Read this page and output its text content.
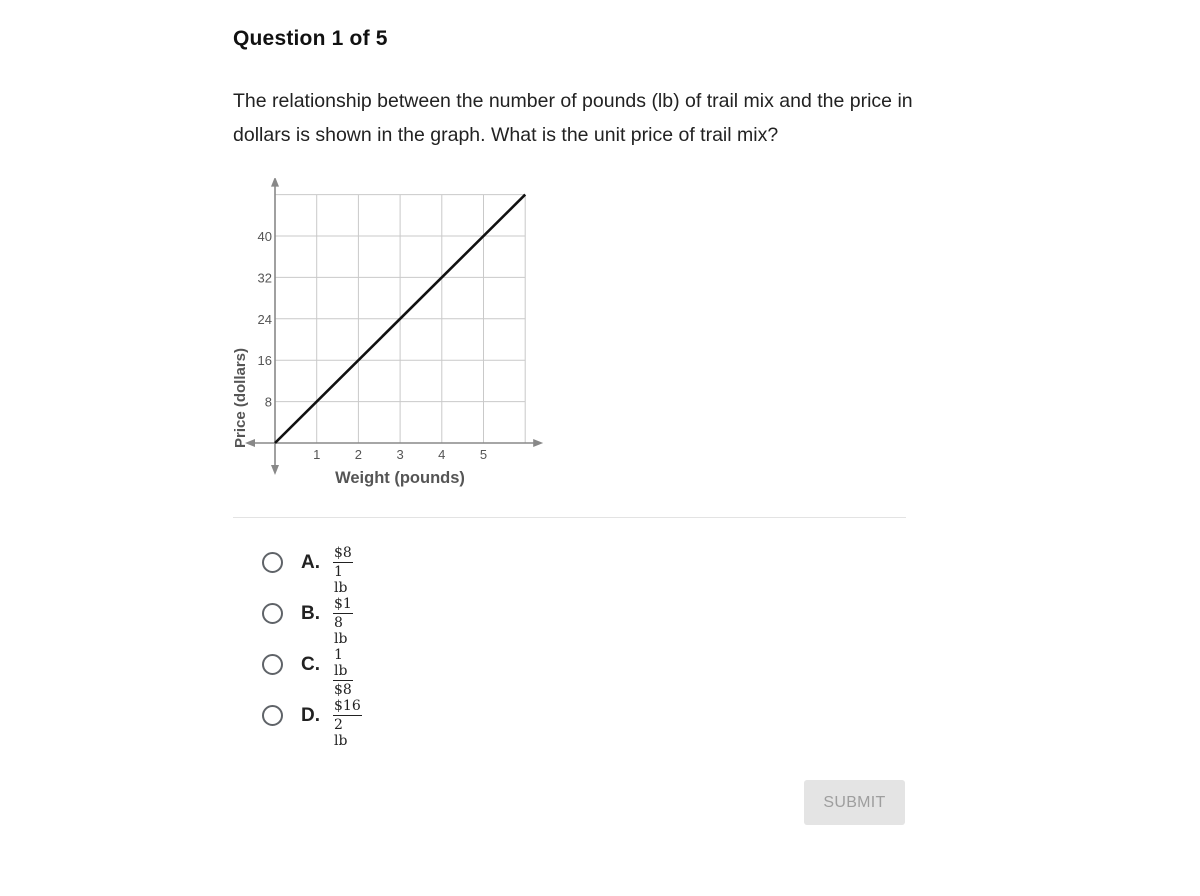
Question 1 of 5
The relationship between the number of pounds (lb) of trail mix and the price in dollars is shown in the graph. What is the unit price of trail mix?
1	2	3	4	5
8
16
24
32
40
Price (dollars)
Weight (pounds)
A. $\frac{\$8}{1 lb}$
B. $\frac{\$1}{8 lb}$
C. $\frac{1 lb}{\$8}$
D. $\frac{\$16}{2 lb}$
SUBMIT
